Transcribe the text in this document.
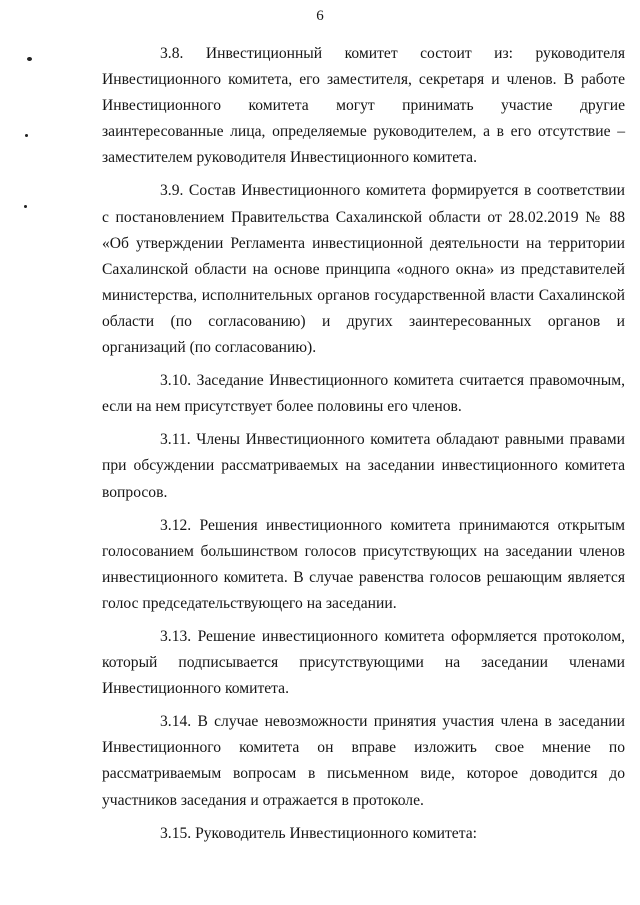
6

3.8. Инвестиционный комитет состоит из: руководителя Инвестиционного комитета, его заместителя, секретаря и членов. В работе Инвестиционного комитета могут принимать участие другие заинтересованные лица, определяемые руководителем, а в его отсутствие – заместителем руководителя Инвестиционного комитета.

3.9. Состав Инвестиционного комитета формируется в соответствии с постановлением Правительства Сахалинской области от 28.02.2019 № 88 «Об утверждении Регламента инвестиционной деятельности на территории Сахалинской области на основе принципа «одного окна» из представителей министерства, исполнительных органов государственной власти Сахалинской области (по согласованию) и других заинтересованных органов и организаций (по согласованию).

3.10. Заседание Инвестиционного комитета считается правомочным, если на нем присутствует более половины его членов.

3.11. Члены Инвестиционного комитета обладают равными правами при обсуждении рассматриваемых на заседании инвестиционного комитета вопросов.

3.12. Решения инвестиционного комитета принимаются открытым голосованием большинством голосов присутствующих на заседании членов инвестиционного комитета. В случае равенства голосов решающим является голос председательствующего на заседании.

3.13. Решение инвестиционного комитета оформляется протоколом, который подписывается присутствующими на заседании членами Инвестиционного комитета.

3.14. В случае невозможности принятия участия члена в заседании Инвестиционного комитета он вправе изложить свое мнение по рассматриваемым вопросам в письменном виде, которое доводится до участников заседания и отражается в протоколе.

3.15. Руководитель Инвестиционного комитета:
